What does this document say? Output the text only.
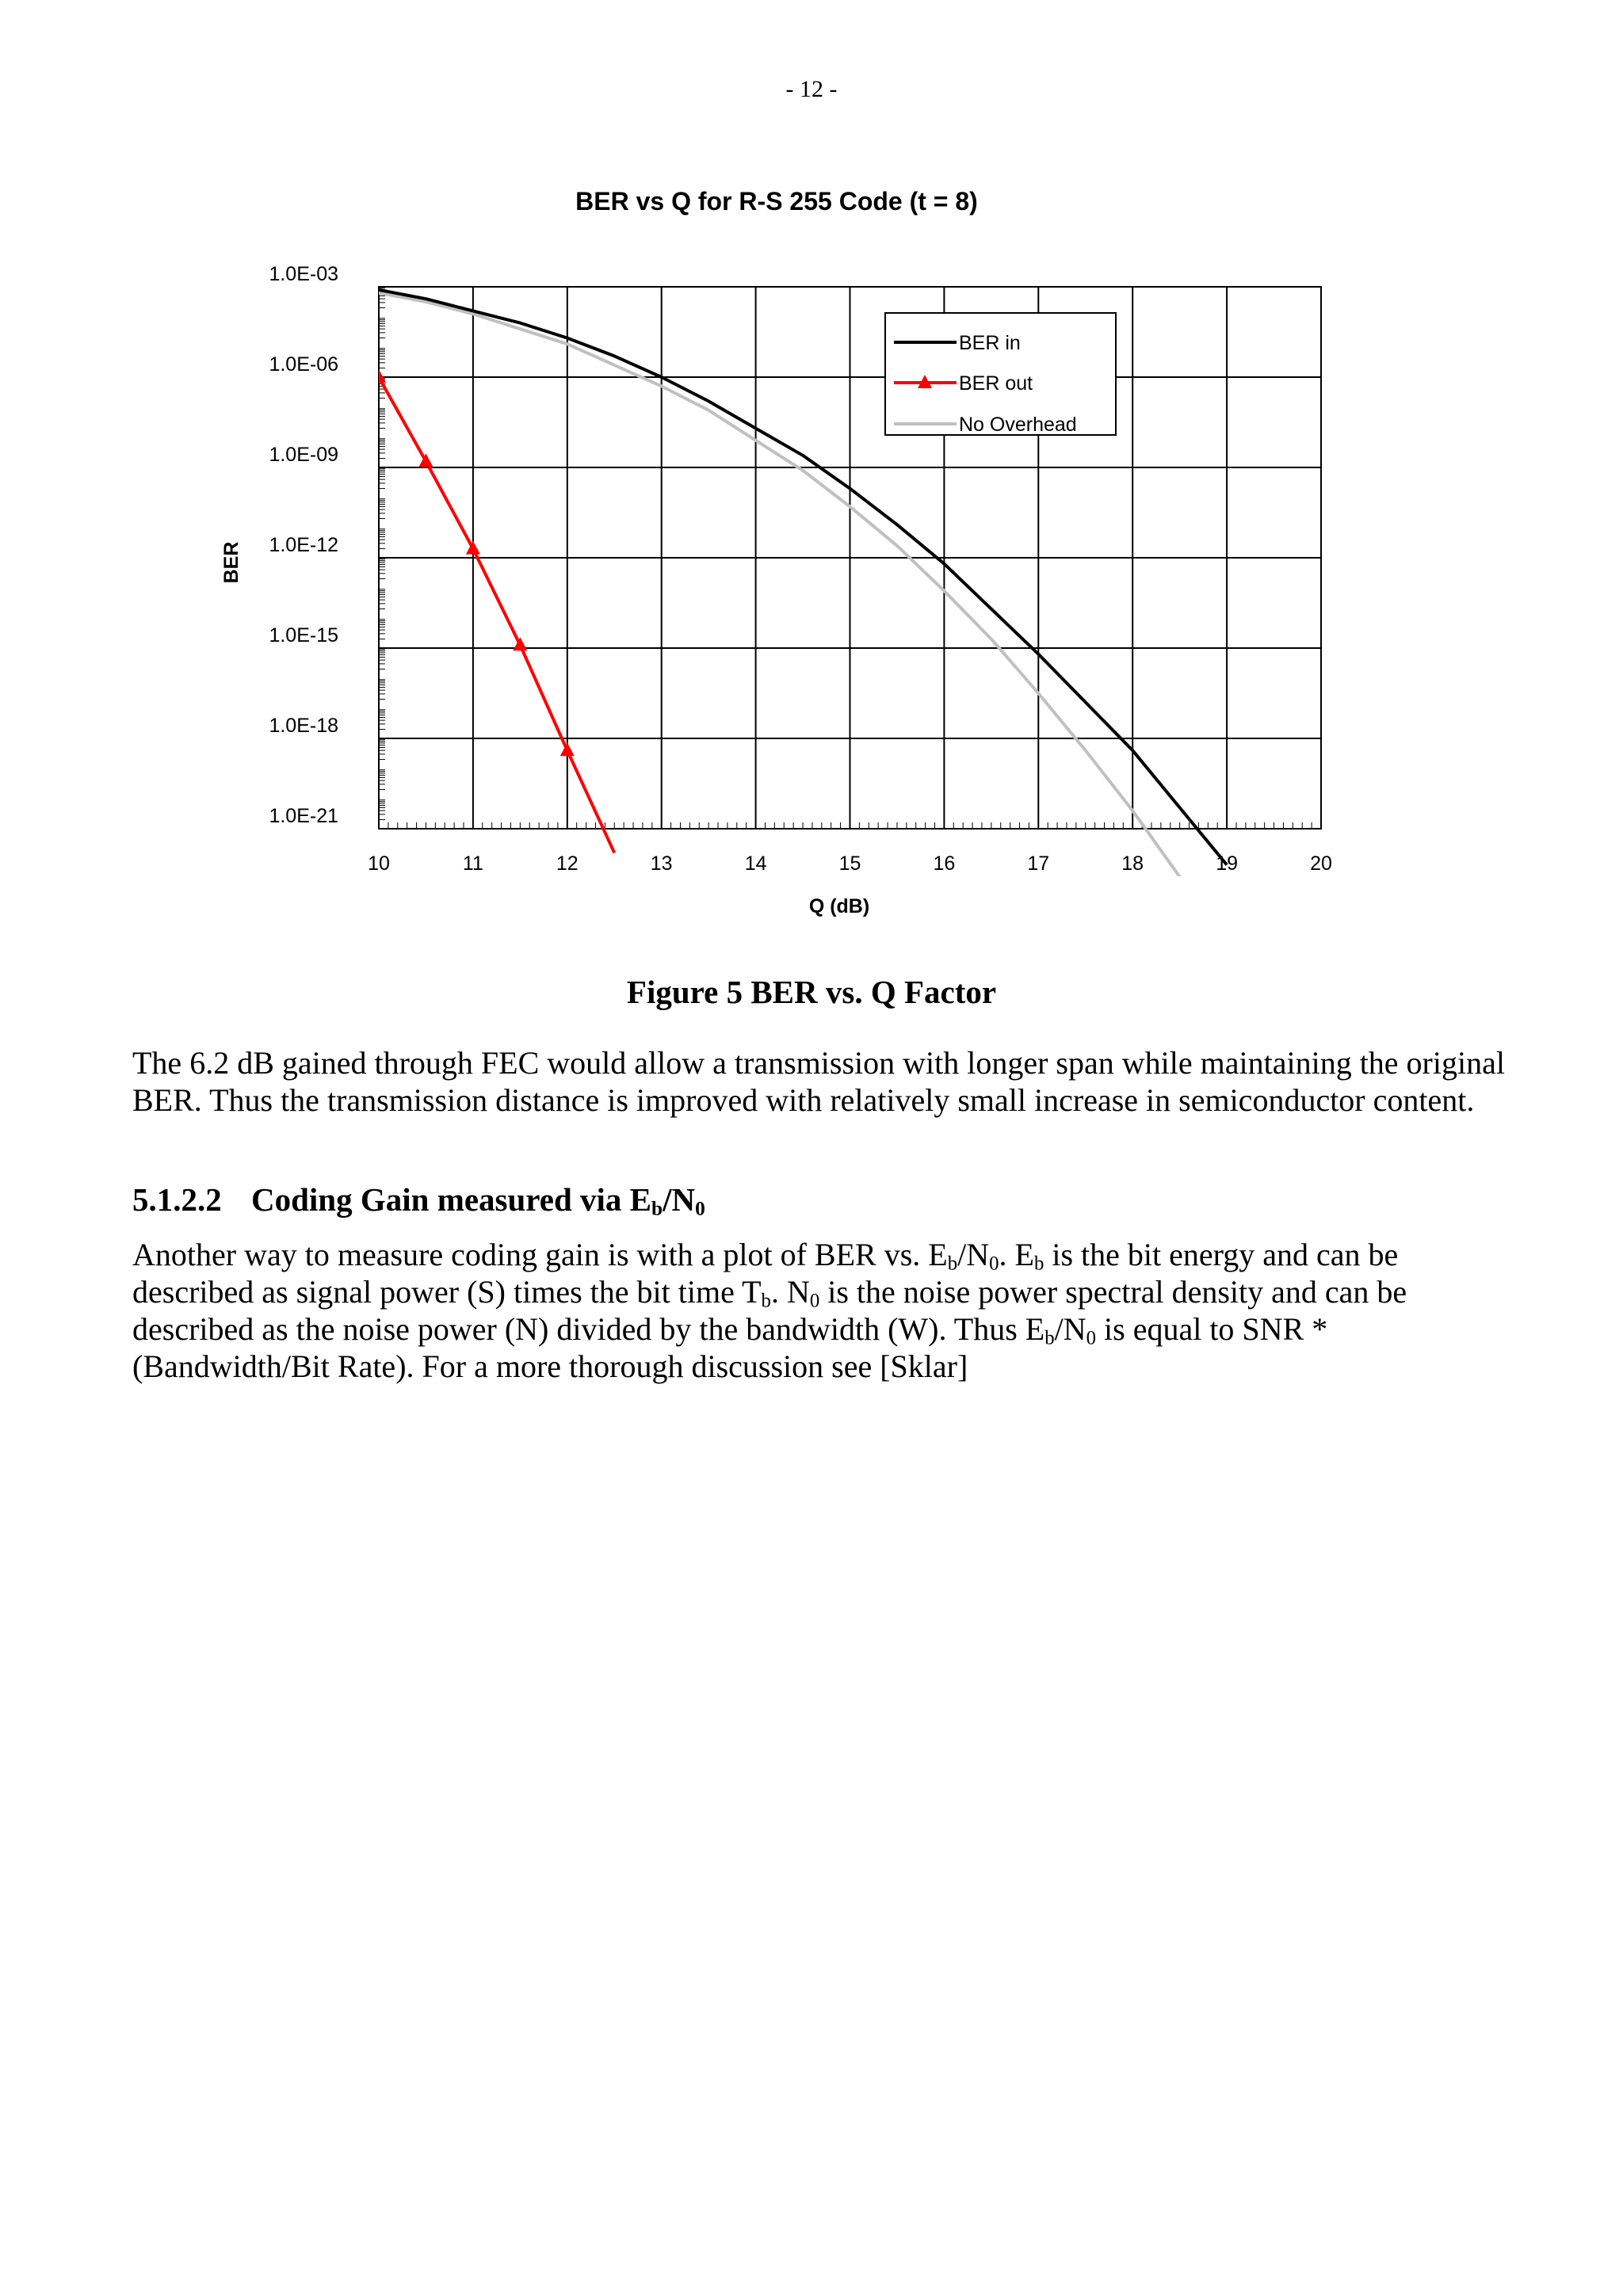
- 12 -
BER vs Q for R-S 255 Code (t = 8)
1.0E-03
1.0E-06
1.0E-09
1.0E-12
1.0E-15
1.0E-18
1.0E-21
10	11	12	13	14	15	16	17	18	19	20
BER
Q (dB)
BER in
BER out
No Overhead
Figure 5 BER vs. Q Factor

The 6.2 dB gained through FEC would allow a transmission with longer span while maintaining the original BER. Thus the transmission distance is improved with relatively small increase in semiconductor content.

5.1.2.2 Coding Gain measured via $E_b/N_0$

Another way to measure coding gain is with a plot of BER vs. $E_b/N_0$. $E_b$ is the bit energy and can be described as signal power (S) times the bit time $T_b$. $N_0$ is the noise power spectral density and can be described as the noise power (N) divided by the bandwidth (W). Thus $E_b/N_0$ is equal to SNR * (Bandwidth/Bit Rate). For a more thorough discussion see [Sklar]
